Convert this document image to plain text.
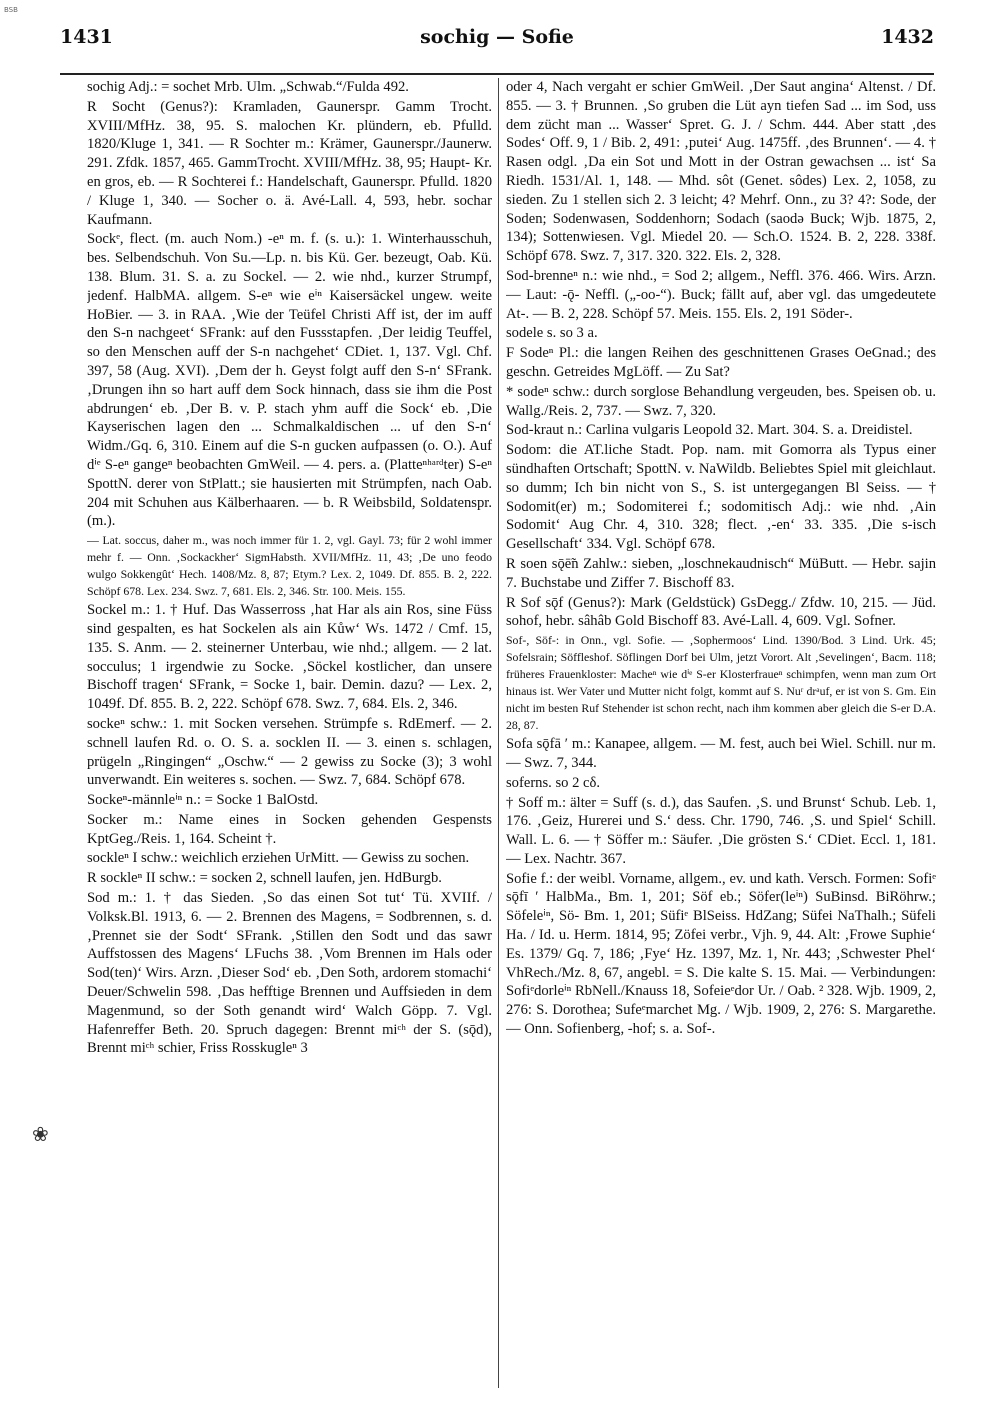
BSB
1431	sochig — Sofie	1432

sochig Adj.: = sochet Mrb. Ulm. „Schwab.“/Fulda 492.

R Socht (Genus?): Kramladen, Gaunerspr. Gamm Trocht. XVIII/MfHz. 38, 95. S. malochen Kr. plündern, eb. Pfulld. 1820/Kluge 1, 341. — R Sochter m.: Krämer, Gaunerspr./Jaunerw. 291. Zfdk. 1857, 465. GammTrocht. XVIII/MfHz. 38, 95; Haupt- Kr. en gros, eb. — R Sochterei f.: Handelschaft, Gaunerspr. Pfulld. 1820 / Kluge 1, 340. — Socher o. ä. Avé-Lall. 4, 593, hebr. sochar Kaufmann.

Sockᵉ, flect. (m. auch Nom.) -eⁿ m. f. (s. u.): 1. Winterhausschuh, bes. Selbendschuh. Von Su.—Lp. n. bis Kü. Ger. bezeugt, Oab. Kü. 138. Blum. 31. S. a. zu Sockel. — 2. wie nhd., kurzer Strumpf, jedenf. HalbMA. allgem. S-eⁿ wie eⁱⁿ Kaisersäckel ungew. weite HoBier. — 3. in RAA. ‚Wie der Teüfel Christi Aff ist, der im auff den S-n nachgeet‘ SFrank: auf den Fussstapfen. ‚Der leidig Teuffel, so den Menschen auff der S-n nachgehet‘ CDiet. 1, 137. Vgl. Chf. 397, 58 (Aug. XVI). ‚Dem der h. Geyst folgt auff den S-n‘ SFrank. ‚Drungen ihn so hart auff dem Sock hinnach, dass sie ihm die Post abdrungen‘ eb. ‚Der B. v. P. stach yhm auff die Sock‘ eb. ‚Die Kayserischen lagen den ... Schmalkaldischen ... uf den S-n‘ Widm./Gq. 6, 310. Einem auf die S-n gucken aufpassen (o. O.). Auf dⁱᵉ S-eⁿ gangeⁿ beobachten GmWeil. — 4. pers. a. (Platteⁿʰᵃʳᵈter) S-eⁿ SpottN. derer von StPlatt.; sie hausierten mit Strümpfen, nach Oab. 204 mit Schuhen aus Kälberhaaren. — b. R Weibsbild, Soldatenspr. (m.).

— Lat. soccus, daher m., was noch immer für 1. 2, vgl. Gayl. 73; für 2 wohl immer mehr f. — Onn. ‚Sockackher‘ SigmHabsth. XVII/MfHz. 11, 43; ‚De uno feodo wulgo Sokkengût‘ Hech. 1408/Mz. 8, 87; Etym.? Lex. 2, 1049. Df. 855. B. 2, 222. Schöpf 678. Lex. 234. Swz. 7, 681. Els. 2, 346. Str. 100. Meis. 155.

Sockel m.: 1. † Huf. Das Wasserross ‚hat Har als ain Ros, sine Füss sind gespalten, es hat Sockelen als ain Kůw‘ Ws. 1472 / Cmf. 15, 135. S. Anm. — 2. steinerner Unterbau, wie nhd.; allgem. — 2 lat. socculus; 1 irgendwie zu Socke. ‚Söckel kostlicher, dan unsere Bischoff tragen‘ SFrank, = Socke 1, bair. Demin. dazu? — Lex. 2, 1049f. Df. 855. B. 2, 222. Schöpf 678. Swz. 7, 684. Els. 2, 346.

sockeⁿ schw.: 1. mit Socken versehen. Strümpfe s. RdEmerf. — 2. schnell laufen Rd. o. O. S. a. socklen II. — 3. einen s. schlagen, prügeln „Ringingen“ „Oschw.“ — 2 gewiss zu Socke (3); 3 wohl unverwandt. Ein weiteres s. sochen. — Swz. 7, 684. Schöpf 678.

Sockeⁿ-männleⁱⁿ n.: = Socke 1 BalOstd.

Socker m.: Name eines in Socken gehenden Gespensts KptGeg./Reis. 1, 164. Scheint †.

sockleⁿ I schw.: weichlich erziehen UrMitt. — Gewiss zu sochen.

R sockleⁿ II schw.: = socken 2, schnell laufen, jen. HdBurgb.

Sod m.: 1. † das Sieden. ‚So das einen Sot tut‘ Tü. XVIIf. / Volksk.Bl. 1913, 6. — 2. Brennen des Magens, = Sodbrennen, s. d. ‚Prennet sie der Sodt‘ SFrank. ‚Stillen den Sodt und das sawr Auffstossen des Magens‘ LFuchs 38. ‚Vom Brennen im Hals oder Sod(ten)‘ Wirs. Arzn. ‚Dieser Sod‘ eb. ‚Den Soth, ardorem stomachi‘ Deuer/Schwelin 598. ‚Das hefftige Brennen und Auffsieden in dem Magenmund, so der Soth genandt wird‘ Walch Göpp. 7. Vgl. Hafenreffer Beth. 20. Spruch dagegen: Brennt miᶜʰ der S. (sǭd), Brennt miᶜʰ schier, Friss Rosskugleⁿ 3

oder 4, Nach vergaht er schier GmWeil. ‚Der Saut angina‘ Altenst. / Df. 855. — 3. † Brunnen. ‚So gruben die Lüt ayn tiefen Sad ... im Sod, uss dem zücht man ... Wasser‘ Spret. G. J. / Schm. 444. Aber statt ‚des Sodes‘ Off. 9, 1 / Bib. 2, 491: ‚putei‘ Aug. 1475ff. ‚des Brunnen‘. — 4. † Rasen odgl. ‚Da ein Sot und Mott in der Ostran gewachsen ... ist‘ Sa Riedh. 1531/Al. 1, 148. — Mhd. sôt (Genet. sôdes) Lex. 2, 1058, zu sieden. Zu 1 stellen sich 2. 3 leicht; 4? Mehrf. Onn., zu 3? 4?: Sode, der Soden; Sodenwasen, Soddenhorn; Sodach (saodə Buck; Wjb. 1875, 2, 134); Sottenwiesen. Vgl. Miedel 20. — Sch.O. 1524. B. 2, 228. 338f. Schöpf 678. Swz. 7, 317. 320. 322. Els. 2, 328.

Sod-brenneⁿ n.: wie nhd., = Sod 2; allgem., Neffl. 376. 466. Wirs. Arzn. — Laut: -ǭ- Neffl. („-oo-“). Buck; fällt auf, aber vgl. das umgedeutete At-. — B. 2, 228. Schöpf 57. Meis. 155. Els. 2, 191 Söder-.

sodele s. so 3 a.

F Sodeⁿ Pl.: die langen Reihen des geschnittenen Grases OeGnad.; des geschn. Getreides MgLöff. — Zu Sat?

* sodeⁿ schw.: durch sorglose Behandlung vergeuden, bes. Speisen ob. u. Wallg./Reis. 2, 737. — Swz. 7, 320.

Sod-kraut n.: Carlina vulgaris Leopold 32. Mart. 304. S. a. Dreidistel.

Sodom: die AT.liche Stadt. Pop. nam. mit Gomorra als Typus einer sündhaften Ortschaft; SpottN. v. NaWildb. Beliebtes Spiel mit gleichlaut. so dumm; Ich bin nicht von S., S. ist untergegangen Bl Seiss. — † Sodomit(er) m.; Sodomiterei f.; sodomitisch Adj.: wie nhd. ‚Ain Sodomit‘ Aug Chr. 4, 310. 328; flect. ‚-en‘ 33. 335. ‚Die s-isch Gesellschaft‘ 334. Vgl. Schöpf 678.

R soen sǭē̃n Zahlw.: sieben, „loschnekaudnisch“ MüButt. — Hebr. sajin 7. Buchstabe und Ziffer 7. Bischoff 83.

R Sof sǭf (Genus?): Mark (Geldstück) GsDegg./ Zfdw. 10, 215. — Jüd. sohof, hebr. sâhâb Gold Bischoff 83. Avé-Lall. 4, 609. Vgl. Sofner.

Sof-, Söf-: in Onn., vgl. Sofie. — ‚Sophermoos‘ Lind. 1390/Bod. 3 Lind. Urk. 45; Sofelsrain; Söffleshof. Söflingen Dorf bei Ulm, jetzt Vorort. Alt ‚Sevelingen‘, Bacm. 118; früheres Frauenkloster: Macheⁿ wie dⁱᵉ S-er Klosterfraueⁿ schimpfen, wenn man zum Ort hinaus ist. Wer Vater und Mutter nicht folgt, kommt auf S. Nuʳ drᵃuf, er ist von S. Gm. Ein nicht im besten Ruf Stehender ist schon recht, nach ihm kommen aber gleich die S-er D.A. 28, 87.

Sofa sǭfā ′ m.: Kanapee, allgem. — M. fest, auch bei Wiel. Schill. nur m. — Swz. 7, 344.

soferns. so 2 cδ.

† Soff m.: älter = Suff (s. d.), das Saufen. ‚S. und Brunst‘ Schub. Leb. 1, 176. ‚Geiz, Hurerei und S.‘ dess. Chr. 1790, 746. ‚S. und Spiel‘ Schill. Wall. L. 6. — † Söffer m.: Säufer. ‚Die grösten S.‘ CDiet. Eccl. 1, 181. — Lex. Nachtr. 367.

Sofie f.: der weibl. Vorname, allgem., ev. und kath. Versch. Formen: Sofiᵉ sǭfī ′ HalbMa., Bm. 1, 201; Söf eb.; Söfer(leⁱⁿ) SuBinsd. BiRöhrw.; Söfeleⁱⁿ, Sö- Bm. 1, 201; Süfiᵉ BlSeiss. HdZang; Süfei NaThalh.; Süfeli Ha. / Id. u. Herm. 1814, 95; Zöfei verbr., Vjh. 9, 44. Alt: ‚Frowe Suphie‘ Es. 1379/ Gq. 7, 186; ‚Fye‘ Hz. 1397, Mz. 1, Nr. 443; ‚Schwester Phel‘ VhRech./Mz. 8, 67, angebl. = S. Die kalte S. 15. Mai. — Verbindungen: Sofiᵉdorleⁱⁿ RbNell./Knauss 18, Sofeieᵉdor Ur. / Oab. ² 328. Wjb. 1909, 2, 276: S. Dorothea; Sufeᵉmarchet Mg. / Wjb. 1909, 2, 276: S. Margarethe. — Onn. Sofienberg, -hof; s. a. Sof-.

❀
